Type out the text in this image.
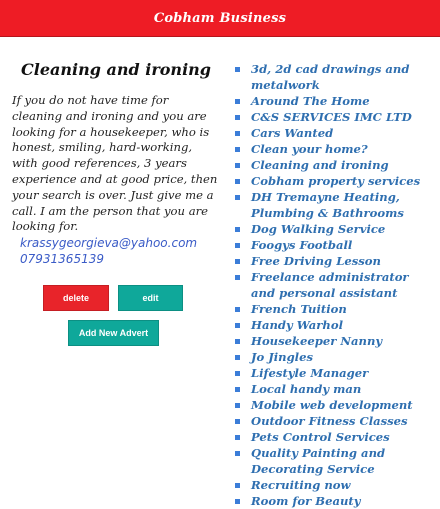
Cobham Business
Cleaning and ironing

If you do not have time for cleaning and ironing and you are looking for a housekeeper, who is honest, smiling, hard-working, with good references, 3 years experience and at good price, then your search is over. Just give me a call. I am the person that you are looking for.

krassygeorgieva@yahoo.com
07931365139
delete	edit
Add New Advert
3d, 2d cad drawings and metalwork
Around The Home
C&S SERVICES IMC LTD
Cars Wanted
Clean your home?
Cleaning and ironing
Cobham property services
DH Tremayne Heating, Plumbing & Bathrooms
Dog Walking Service
Foogys Football
Free Driving Lesson
Freelance administrator and personal assistant
French Tuition
Handy Warhol
Housekeeper Nanny
Jo Jingles
Lifestyle Manager
Local handy man
Mobile web development
Outdoor Fitness Classes
Pets Control Services
Quality Painting and Decorating Service
Recruiting now
Room for Beauty
